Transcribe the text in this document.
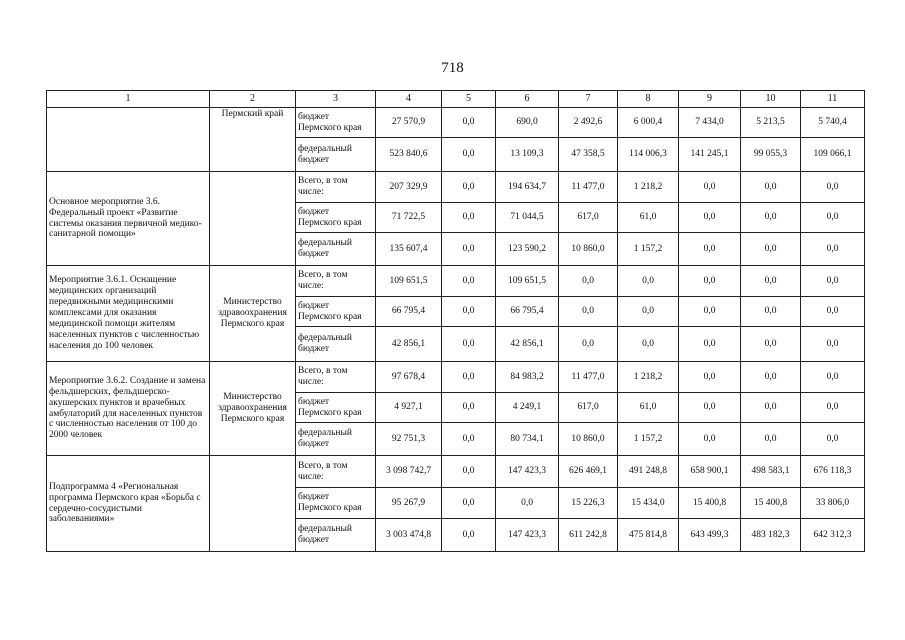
718
1	2	3	4	5	6	7	8	9	10	11
	Пермский край	бюджет Пермского края	27 570,9	0,0	690,0	2 492,6	6 000,4	7 434,0	5 213,5	5 740,4
		федеральный бюджет	523 840,6	0,0	13 109,3	47 358,5	114 006,3	141 245,1	99 055,3	109 066,1
Основное мероприятие 3.6. Федеральный проект «Развитие системы оказания первичной медико-санитарной помощи»		Всего, в том числе:	207 329,9	0,0	194 634,7	11 477,0	1 218,2	0,0	0,0	0,0
		бюджет Пермского края	71 722,5	0,0	71 044,5	617,0	61,0	0,0	0,0	0,0
		федеральный бюджет	135 607,4	0,0	123 590,2	10 860,0	1 157,2	0,0	0,0	0,0
Мероприятие 3.6.1. Оснащение медицинских организаций передвижными медицинскими комплексами для оказания медицинской помощи жителям населенных пунктов с численностью населения до 100 человек	Министерство здравоохранения Пермского края	Всего, в том числе:	109 651,5	0,0	109 651,5	0,0	0,0	0,0	0,0	0,0
		бюджет Пермского края	66 795,4	0,0	66 795,4	0,0	0,0	0,0	0,0	0,0
		федеральный бюджет	42 856,1	0,0	42 856,1	0,0	0,0	0,0	0,0	0,0
Мероприятие 3.6.2. Создание и замена фельдшерских, фельдшерско-акушерских пунктов и врачебных амбулаторий для населенных пунктов с численностью населения от 100 до 2000 человек	Министерство здравоохранения Пермского края	Всего, в том числе:	97 678,4	0,0	84 983,2	11 477,0	1 218,2	0,0	0,0	0,0
		бюджет Пермского края	4 927,1	0,0	4 249,1	617,0	61,0	0,0	0,0	0,0
		федеральный бюджет	92 751,3	0,0	80 734,1	10 860,0	1 157,2	0,0	0,0	0,0
Подпрограмма 4 «Региональная программа Пермского края «Борьба с сердечно-сосудистыми заболеваниями»		Всего, в том числе:	3 098 742,7	0,0	147 423,3	626 469,1	491 248,8	658 900,1	498 583,1	676 118,3
		бюджет Пермского края	95 267,9	0,0	0,0	15 226,3	15 434,0	15 400,8	15 400,8	33 806,0
		федеральный бюджет	3 003 474,8	0,0	147 423,3	611 242,8	475 814,8	643 499,3	483 182,3	642 312,3
